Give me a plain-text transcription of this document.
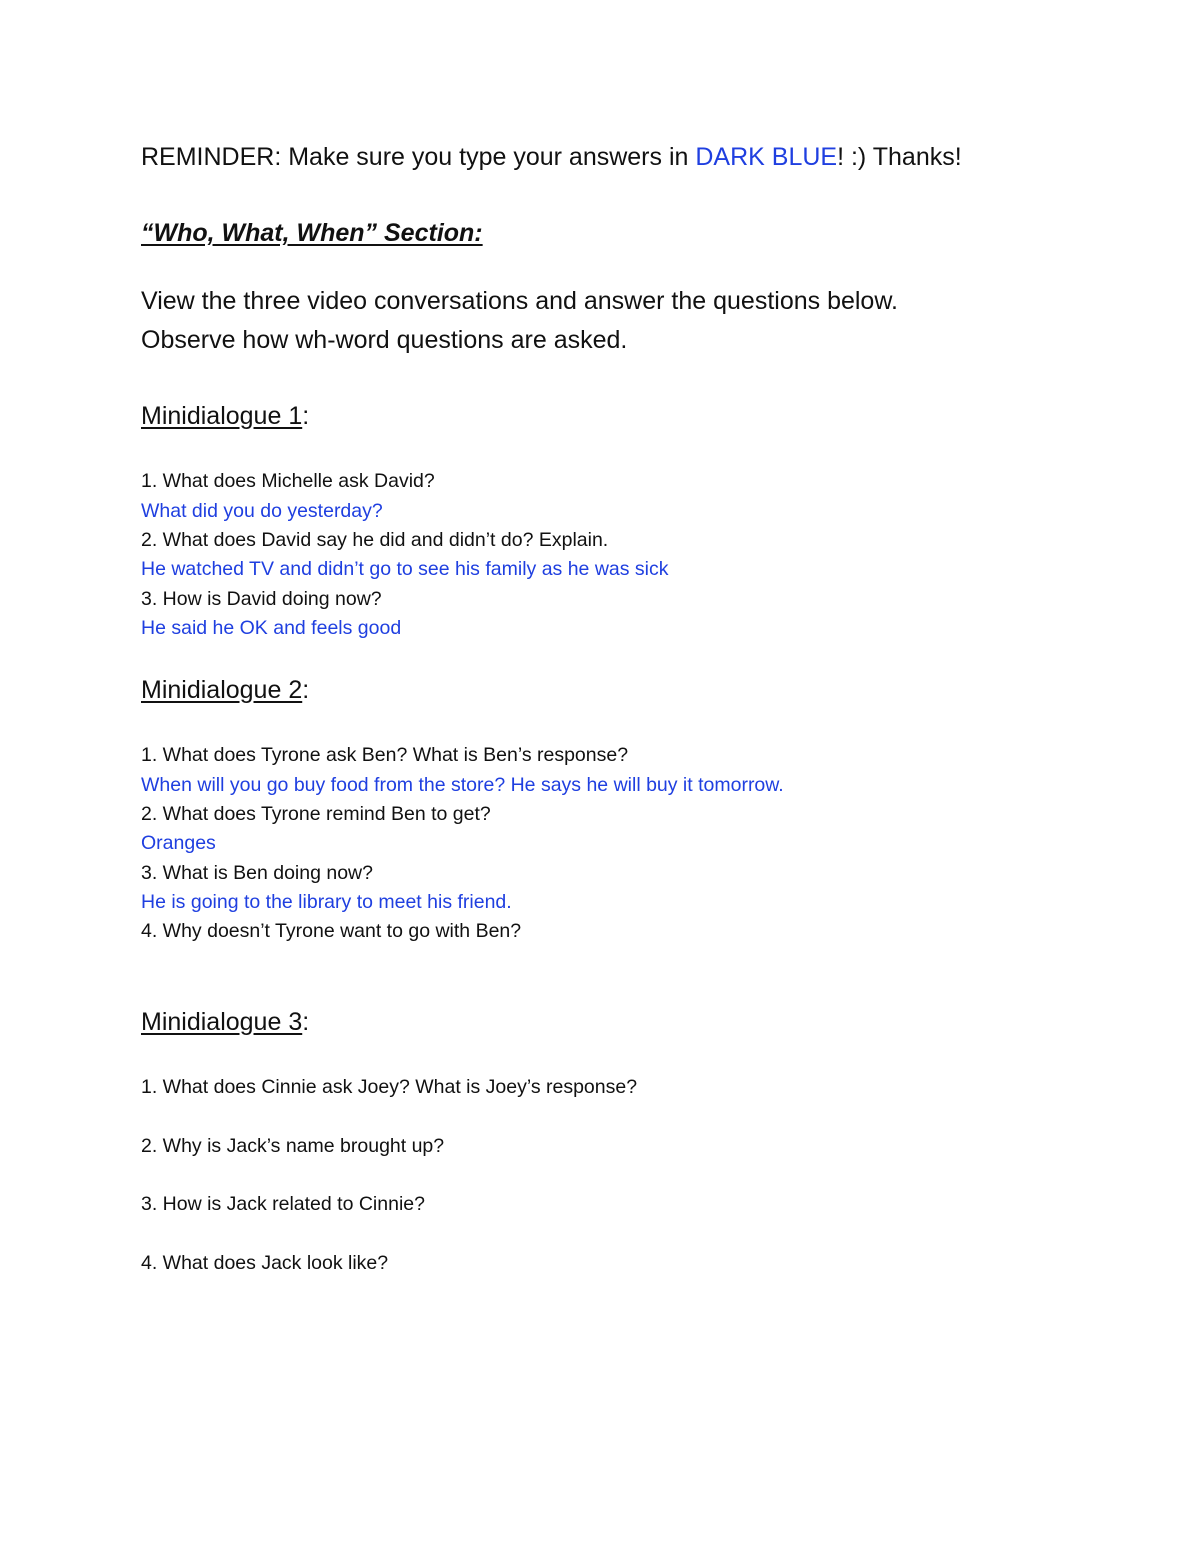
REMINDER: Make sure you type your answers in DARK BLUE! :) Thanks!
“Who, What, When” Section:
View the three video conversations and answer the questions below.
Observe how wh-word questions are asked.
Minidialogue 1:
1. What does Michelle ask David?
What did you do yesterday?
2. What does David say he did and didn’t do? Explain.
He watched TV and didn’t go to see his family as he was sick
3. How is David doing now?
He said he OK and feels good
Minidialogue 2:
1. What does Tyrone ask Ben? What is Ben’s response?
When will you go buy food from the store? He says he will buy it tomorrow.
2. What does Tyrone remind Ben to get?
Oranges
3. What is Ben doing now?
He is going to the library to meet his friend.
4. Why doesn’t Tyrone want to go with Ben?
Minidialogue 3:
1. What does Cinnie ask Joey? What is Joey’s response?
2. Why is Jack’s name brought up?
3. How is Jack related to Cinnie?
4. What does Jack look like?
